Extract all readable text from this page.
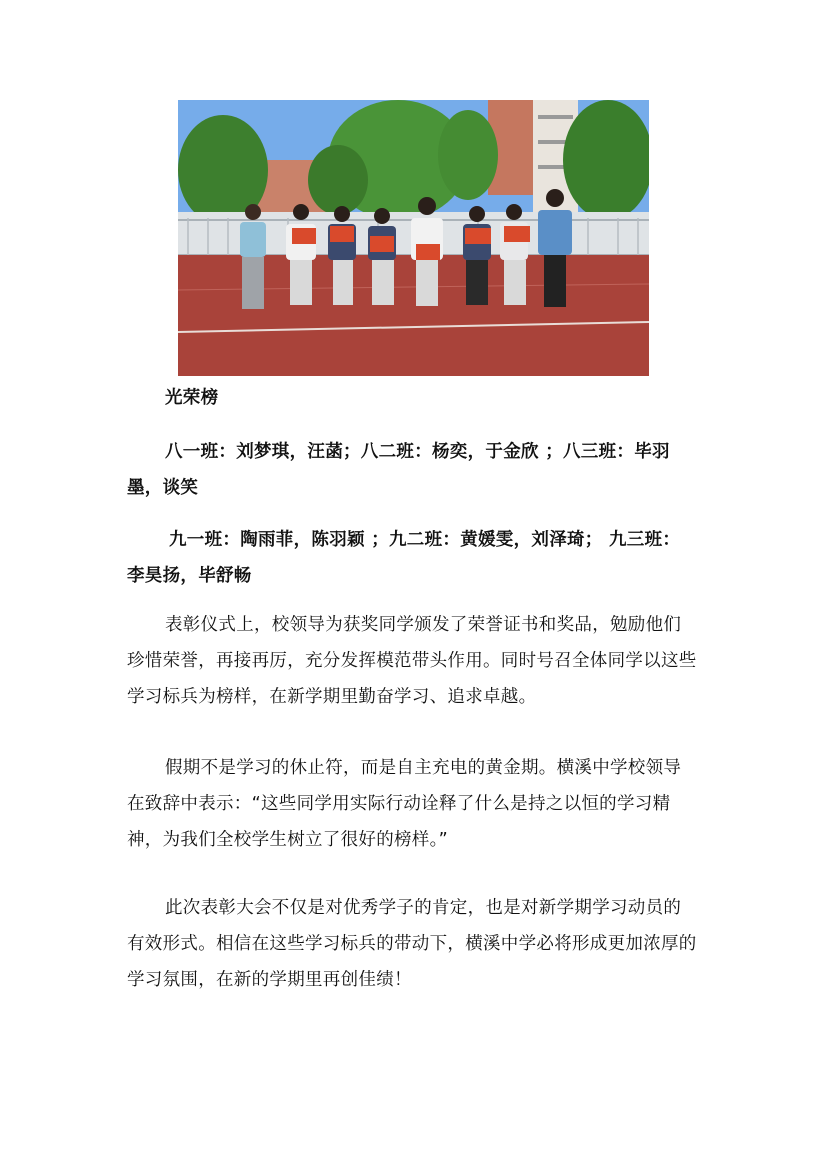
光荣榜

八一班：刘梦琪，汪菡；八二班：杨奕，于金欣 ；八三班：毕羽墨，谈笑

九一班：陶雨菲，陈羽颖 ；九二班：黄媛雯，刘泽琦； 九三班：李昊扬，毕舒畅

表彰仪式上，校领导为获奖同学颁发了荣誉证书和奖品，勉励他们珍惜荣誉，再接再厉，充分发挥模范带头作用。同时号召全体同学以这些学习标兵为榜样，在新学期里勤奋学习、追求卓越。

假期不是学习的休止符，而是自主充电的黄金期。横溪中学校领导在致辞中表示：“这些同学用实际行动诠释了什么是持之以恒的学习精神，为我们全校学生树立了很好的榜样。”

此次表彰大会不仅是对优秀学子的肯定，也是对新学期学习动员的有效形式。相信在这些学习标兵的带动下，横溪中学必将形成更加浓厚的学习氛围，在新的学期里再创佳绩！
